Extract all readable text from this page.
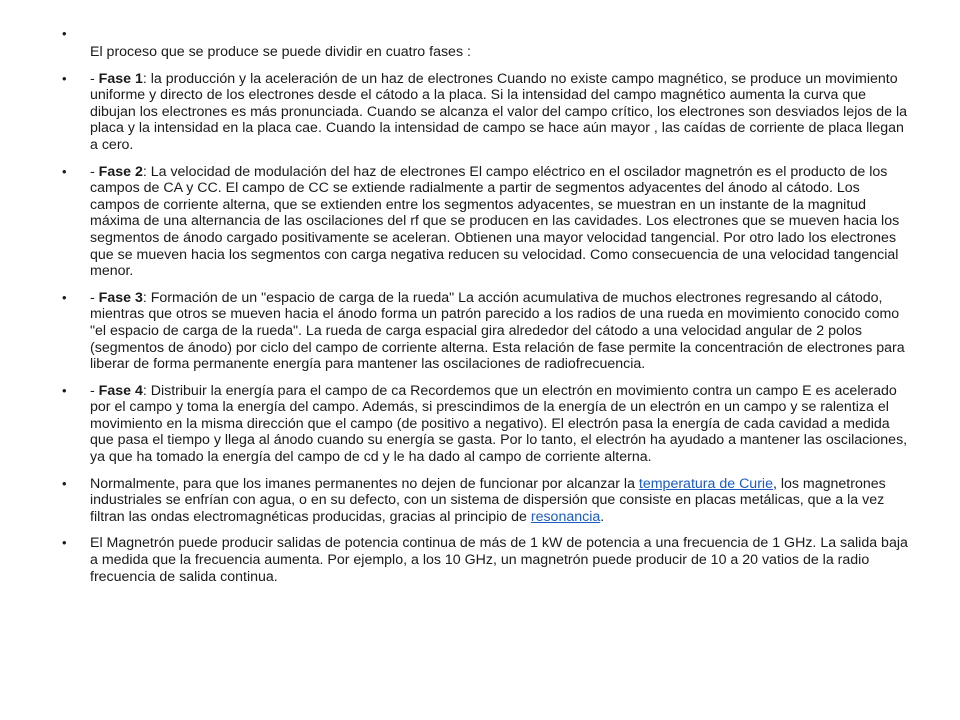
•
El proceso que se produce se puede dividir en cuatro fases :
• - Fase 1: la producción y la aceleración de un haz de electrones Cuando no existe campo magnético, se produce un movimiento uniforme y directo de los electrones desde el cátodo a la placa. Si la intensidad del campo magnético aumenta la curva que dibujan los electrones es más pronunciada. Cuando se alcanza el valor del campo crítico, los electrones son desviados lejos de la placa y la intensidad en la placa cae. Cuando la intensidad de campo se hace aún mayor , las caídas de corriente de placa llegan a cero.
• - Fase 2: La velocidad de modulación del haz de electrones El campo eléctrico en el oscilador magnetrón es el producto de los campos de CA y CC. El campo de CC se extiende radialmente a partir de segmentos adyacentes del ánodo al cátodo. Los campos de corriente alterna, que se extienden entre los segmentos adyacentes, se muestran en un instante de la magnitud máxima de una alternancia de las oscilaciones del rf que se producen en las cavidades. Los electrones que se mueven hacia los segmentos de ánodo cargado positivamente se aceleran. Obtienen una mayor velocidad tangencial. Por otro lado los electrones que se mueven hacia los segmentos con carga negativa reducen su velocidad. Como consecuencia de una velocidad tangencial menor.
• - Fase 3: Formación de un "espacio de carga de la rueda" La acción acumulativa de muchos electrones regresando al cátodo, mientras que otros se mueven hacia el ánodo forma un patrón parecido a los radios de una rueda en movimiento conocido como "el espacio de carga de la rueda". La rueda de carga espacial gira alrededor del cátodo a una velocidad angular de 2 polos (segmentos de ánodo) por ciclo del campo de corriente alterna. Esta relación de fase permite la concentración de electrones para liberar de forma permanente energía para mantener las oscilaciones de radiofrecuencia.
• - Fase 4: Distribuir la energía para el campo de ca Recordemos que un electrón en movimiento contra un campo E es acelerado por el campo y toma la energía del campo. Además, si prescindimos de la energía de un electrón en un campo y se ralentiza el movimiento en la misma dirección que el campo (de positivo a negativo). El electrón pasa la energía de cada cavidad a medida que pasa el tiempo y llega al ánodo cuando su energía se gasta. Por lo tanto, el electrón ha ayudado a mantener las oscilaciones, ya que ha tomado la energía del campo de cd y le ha dado al campo de corriente alterna.
• Normalmente, para que los imanes permanentes no dejen de funcionar por alcanzar la temperatura de Curie, los magnetrones industriales se enfrían con agua, o en su defecto, con un sistema de dispersión que consiste en placas metálicas, que a la vez filtran las ondas electromagnéticas producidas, gracias al principio de resonancia.
• El Magnetrón puede producir salidas de potencia continua de más de 1 kW de potencia a una frecuencia de 1 GHz. La salida baja a medida que la frecuencia aumenta. Por ejemplo, a los 10 GHz, un magnetrón puede producir de 10 a 20 vatios de la radio frecuencia de salida continua.
